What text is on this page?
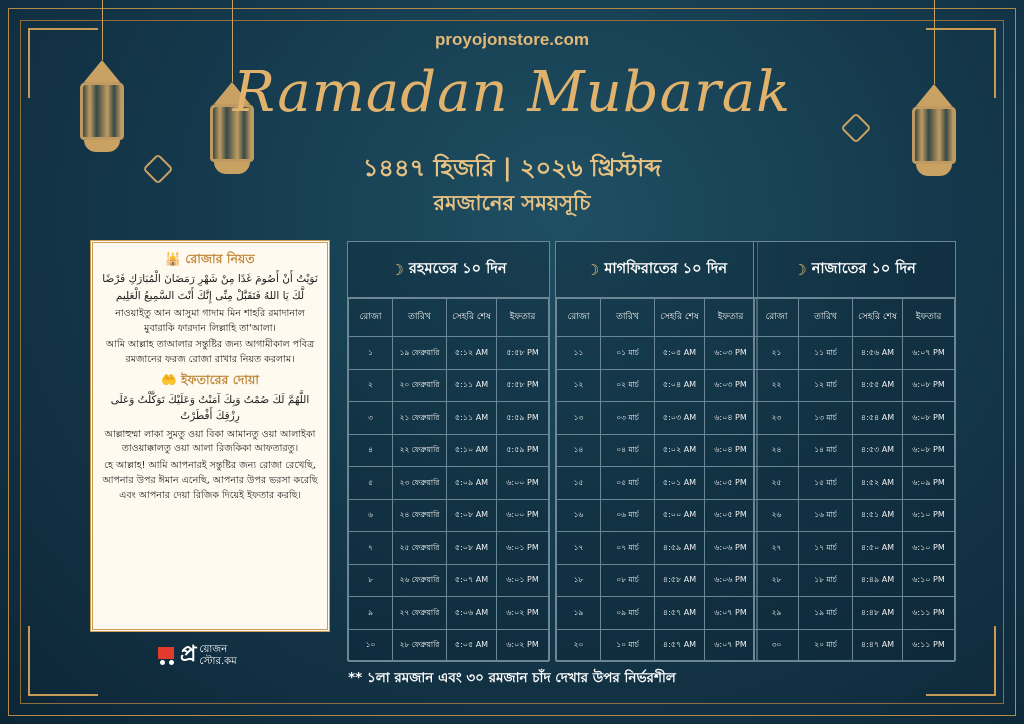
proyojonstore.com
Ramadan Mubarak
১৪৪৭ হিজরি | ২০২৬ খ্রিস্টাব্দ
রমজানের সময়সূচি
🕌 রোজার নিয়ত
نَوَيْتُ أَنْ أَصُومَ غَدًا مِنْ شَهْرِ رَمَضَانَ الْمُبَارَكِ فَرْضًا لَّكَ يَا اللهُ فَتَقَبَّلْ مِنِّى إِنَّكَ أَنْتَ السَّمِيعُ الْعَلِيم

নাওয়াইতু আন আসুমা গাদাম মিন শাহরি রমাদানাল মুবারাকি ফারদান লিল্লাহি তা'আলা।

আমি আল্লাহ তাআলার সন্তুষ্টির জন্য আগামীকাল পবিত্র রমজানের ফরজ রোজা রাখার নিয়ত করলাম।

🤲 ইফতারের দোয়া
اللَّهُمَّ لَكَ صُمْتُ وَبِكَ آمَنْتُ وَعَلَيْكَ تَوَكَّلْتُ وَعَلَى رِزْقِكَ أَفْطَرْتُ

আল্লাহুম্মা লাকা সুমতু ওয়া বিকা আমানতু ওয়া আলাইকা তাওয়াক্কালতু ওয়া আলা রিজকিকা আফতারতু।

হে আল্লাহ! আমি আপনারই সন্তুষ্টির জন্য রোজা রেখেছি, আপনার উপর ঈমান এনেছি, আপনার উপর ভরসা করেছি এবং আপনার দেয়া রিজিক দিয়েই ইফতার করছি।

☽ রহমতের ১০ দিন
রোজা	তারিখ	সেহরি শেষ	ইফতার
১	১৯ ফেব্রুয়ারি	৫:১২ AM	৫:৫৮ PM
২	২০ ফেব্রুয়ারি	৫:১১ AM	৫:৫৮ PM
৩	২১ ফেব্রুয়ারি	৫:১১ AM	৫:৫৯ PM
৪	২২ ফেব্রুয়ারি	৫:১০ AM	৫:৫৯ PM
৫	২৩ ফেব্রুয়ারি	৫:০৯ AM	৬:০০ PM
৬	২৪ ফেব্রুয়ারি	৫:০৮ AM	৬:০০ PM
৭	২৫ ফেব্রুয়ারি	৫:০৮ AM	৬:০১ PM
৮	২৬ ফেব্রুয়ারি	৫:০৭ AM	৬:০১ PM
৯	২৭ ফেব্রুয়ারি	৫:০৬ AM	৬:০২ PM
১০	২৮ ফেব্রুয়ারি	৫:০৫ AM	৬:০২ PM
☽ মাগফিরাতের ১০ দিন
রোজা	তারিখ	সেহরি শেষ	ইফতার
১১	০১ মার্চ	৫:০৫ AM	৬:০৩ PM
১২	০২ মার্চ	৫:০৪ AM	৬:০৩ PM
১৩	০৩ মার্চ	৫:০৩ AM	৬:০৪ PM
১৪	০৪ মার্চ	৫:০২ AM	৬:০৪ PM
১৫	০৫ মার্চ	৫:০১ AM	৬:০৫ PM
১৬	০৬ মার্চ	৫:০০ AM	৬:০৫ PM
১৭	০৭ মার্চ	৪:৫৯ AM	৬:০৬ PM
১৮	০৮ মার্চ	৪:৫৮ AM	৬:০৬ PM
১৯	০৯ মার্চ	৪:৫৭ AM	৬:০৭ PM
২০	১০ মার্চ	৪:৫৭ AM	৬:০৭ PM
☽ নাজাতের ১০ দিন
রোজা	তারিখ	সেহরি শেষ	ইফতার
২১	১১ মার্চ	৪:৫৬ AM	৬:০৭ PM
২২	১২ মার্চ	৪:৫৫ AM	৬:০৮ PM
২৩	১৩ মার্চ	৪:৫৪ AM	৬:০৮ PM
২৪	১৪ মার্চ	৪:৫৩ AM	৬:০৮ PM
২৫	১৫ মার্চ	৪:৫২ AM	৬:০৯ PM
২৬	১৬ মার্চ	৪:৫১ AM	৬:১০ PM
২৭	১৭ মার্চ	৪:৫০ AM	৬:১০ PM
২৮	১৮ মার্চ	৪:৪৯ AM	৬:১০ PM
২৯	১৯ মার্চ	৪:৪৮ AM	৬:১১ PM
৩০	২০ মার্চ	৪:৪৭ AM	৬:১১ PM
প্র য়োজন
স্টোর.কম
** ১লা রমজান এবং ৩০ রমজান চাঁদ দেখার উপর নির্ভরশীল
